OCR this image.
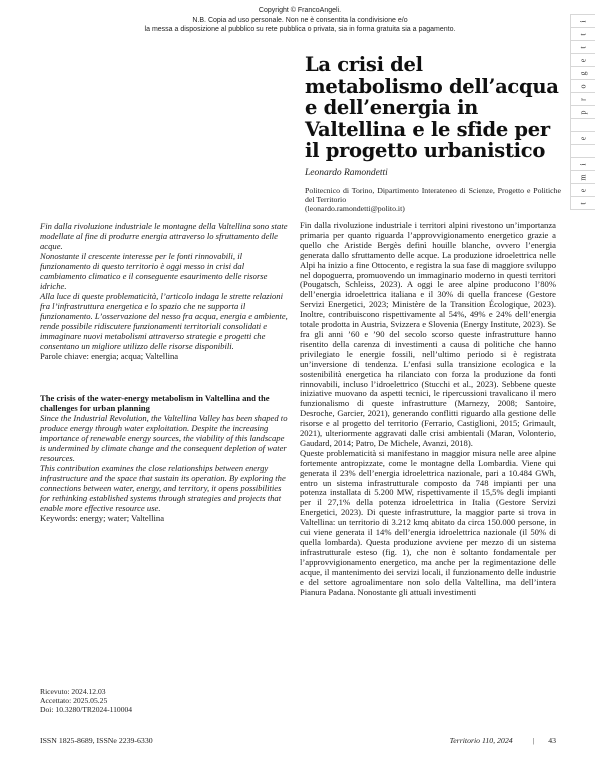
Copyright © FrancoAngeli.
N.B. Copia ad uso personale. Non ne è consentita la condivisione e/o
la messa a disposizione al pubblico su rete pubblica o privata, sia in forma gratuita sia a pagamento.
i
t
t
e
g
o
r
p
e
i
m
e
t
La crisi del
metabolismo dell’acqua
e dell’energia in
Valtellina e le sfide per
il progetto urbanistico
Leonardo Ramondetti
Politecnico di Torino, Dipartimento Interateneo di Scienze, Progetto e Politiche del Territorio
(leonardo.ramondetti@polito.it)

Fin dalla rivoluzione industriale le montagne della Valtellina sono state modellate al fine di produrre energia attraverso lo sfruttamento delle acque.

Nonostante il crescente interesse per le fonti rinnovabili, il funzionamento di questo territorio è oggi messo in crisi dal cambiamento climatico e il conseguente esaurimento delle risorse idriche.

Alla luce di queste problematicità, l’articolo indaga le strette relazioni fra l’infrastruttura energetica e lo spazio che ne supporta il funzionamento. L’osservazione del nesso fra acqua, energia e ambiente, rende possibile ridiscutere funzionamenti territoriali consolidati e immaginare nuovi metabolismi attraverso strategie e progetti che consentano un migliore utilizzo delle risorse disponibili.

Parole chiave: energia; acqua; Valtellina
The crisis of the water-energy metabolism in Valtellina and the challenges for urban planning

Since the Industrial Revolution, the Valtellina Valley has been shaped to produce energy through water exploitation. Despite the increasing importance of renewable energy sources, the viability of this landscape is undermined by climate change and the consequent depletion of water resources.

This contribution examines the close relationships between energy infrastructure and the space that sustain its operation. By exploring the connections between water, energy, and territory, it opens possibilities for rethinking established systems through strategies and projects that enable more effective resource use.

Keywords: energy; water; Valtellina

Fin dalla rivoluzione industriale i territori alpini rivestono un’importanza primaria per quanto riguarda l’approvvigionamento energetico grazie a quello che Aristide Bergès definì houille blanche, ovvero l’energia generata dallo sfruttamento delle acque. La produzione idroelettrica nelle Alpi ha inizio a fine Ottocento, e registra la sua fase di maggiore sviluppo nel dopoguerra, promuovendo un immaginario moderno in questi territori (Pougatsch, Schleiss, 2023). A oggi le aree alpine producono l’80% dell’energia idroelettrica italiana e il 30% di quella francese (Gestore Servizi Energetici, 2023; Ministère de la Transition Écologique, 2023). Inoltre, contribuiscono rispettivamente al 54%, 49% e 24% dell’energia totale prodotta in Austria, Svizzera e Slovenia (Energy Institute, 2023). Se fra gli anni ’60 e ’90 del secolo scorso queste infrastrutture hanno risentito della carenza di investimenti a causa di politiche che hanno privilegiato le energie fossili, nell’ultimo periodo si è registrata un’inversione di tendenza. L’enfasi sulla transizione ecologica e la sostenibilità energetica ha rilanciato con forza la produzione da fonti rinnovabili, incluso l’idroelettrico (Stucchi et al., 2023). Sebbene queste iniziative muovano da aspetti tecnici, le ripercussioni travalicano il mero funzionalismo di queste infrastrutture (Marnezy, 2008; Santoire, Desroche, Garcier, 2021), generando conflitti riguardo alla gestione delle risorse e al progetto del territorio (Ferrario, Castiglioni, 2015; Grimault, 2021), ulteriormente aggravati dalle crisi ambientali (Maran, Volonterio, Gaudard, 2014; Patro, De Michele, Avanzi, 2018).

Queste problematicità si manifestano in maggior misura nelle aree alpine fortemente antropizzate, come le montagne della Lombardia. Viene qui generata il 23% dell’energia idroelettrica nazionale, pari a 10.484 GWh, entro un sistema infrastrutturale composto da 748 impianti per una potenza installata di 5.200 MW, rispettivamente il 15,5% degli impianti per il 27,1% della potenza idroelettrica in Italia (Gestore Servizi Energetici, 2023). Di queste infrastrutture, la maggior parte si trova in Valtellina: un territorio di 3.212 kmq abitato da circa 150.000 persone, in cui viene generata il 14% dell’energia idroelettrica nazionale (il 50% di quella lombarda). Questa produzione avviene per mezzo di un sistema infrastrutturale esteso (fig. 1), che non è soltanto fondamentale per l’approvvigionamento energetico, ma anche per la regimentazione delle acque, il mantenimento dei servizi locali, il funzionamento delle industrie e del settore agroalimentare non solo della Valtellina, ma dell’intera Pianura Padana. Nonostante gli attuali investimenti

Ricevuto: 2024.12.03
Accettato: 2025.05.25
Doi: 10.3280/TR2024-110004
ISSN 1825-8689, ISSNe 2239-6330	Territorio 110, 2024	| 43
